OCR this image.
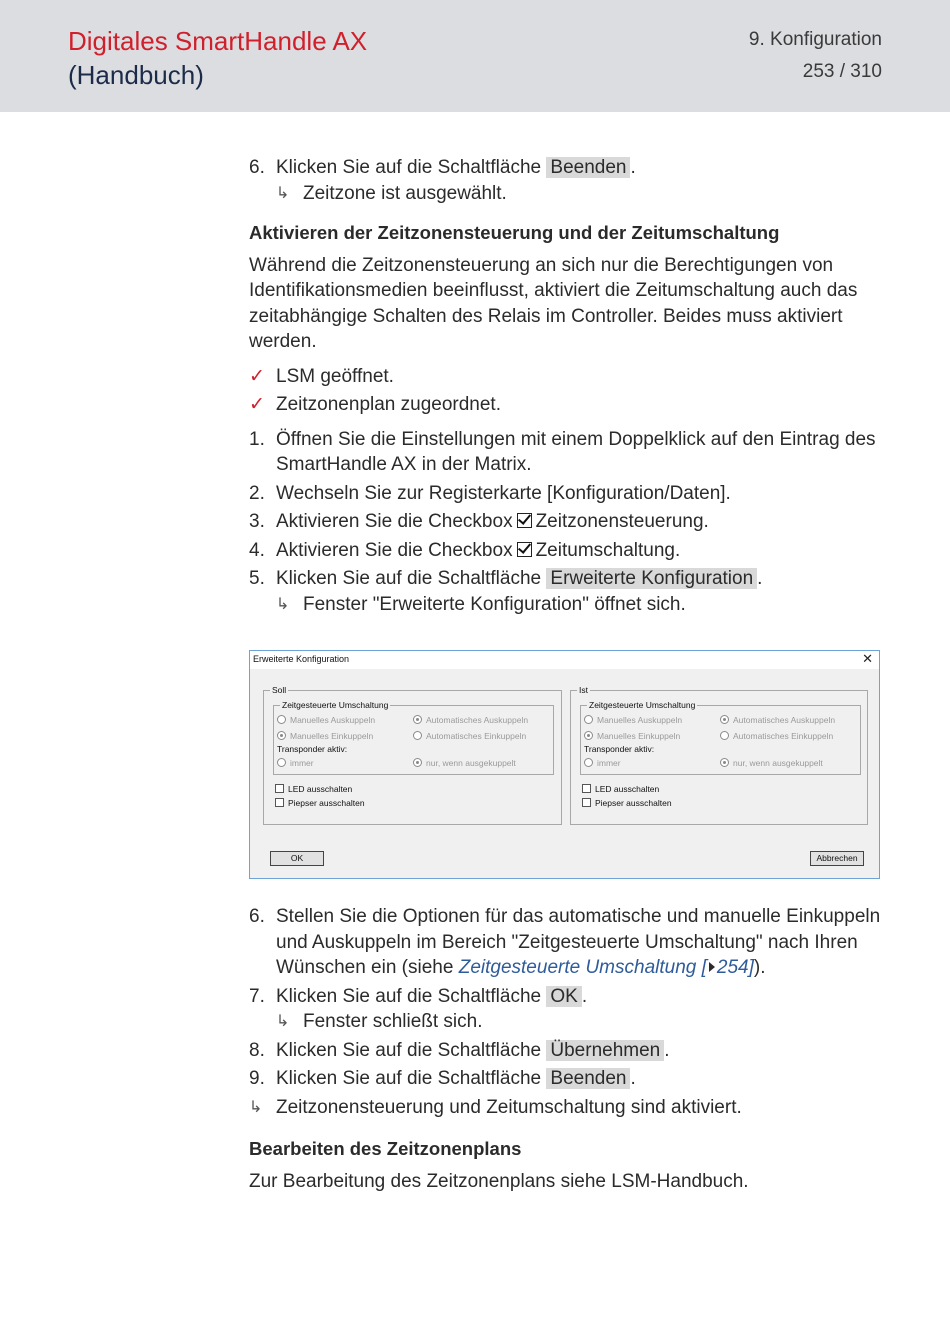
Digitales SmartHandle AX
(Handbuch)
9. Konfiguration
253 / 310
6. Klicken Sie auf die Schaltfläche Beenden .
↳ Zeitzone ist ausgewählt.
Aktivieren der Zeitzonensteuerung und der Zeitumschaltung
Während die Zeitzonensteuerung an sich nur die Berechtigungen von
Identifikationsmedien beeinflusst, aktiviert die Zeitumschaltung auch das
zeitabhängige Schalten des Relais im Controller. Beides muss aktiviert
werden.
✓ LSM geöffnet.
✓ Zeitzonenplan zugeordnet.
1. Öffnen Sie die Einstellungen mit einem Doppelklick auf den Eintrag des
SmartHandle AX in der Matrix.
2. Wechseln Sie zur Registerkarte [Konfiguration/Daten].
3. Aktivieren Sie die Checkbox Zeitzonensteuerung.
4. Aktivieren Sie die Checkbox Zeitumschaltung.
5. Klicken Sie auf die Schaltfläche Erweiterte Konfiguration .
↳ Fenster "Erweiterte Konfiguration" öffnet sich.
Erweiterte Konfiguration	✕
Soll
Zeitgesteuerte Umschaltung
Manuelles Auskuppeln	Automatisches Auskuppeln
Manuelles Einkuppeln	Automatisches Einkuppeln
Transponder aktiv:
immer	nur, wenn ausgekuppelt
LED ausschalten
Piepser ausschalten
Ist
Zeitgesteuerte Umschaltung
Manuelles Auskuppeln	Automatisches Auskuppeln
Manuelles Einkuppeln	Automatisches Einkuppeln
Transponder aktiv:
immer	nur, wenn ausgekuppelt
LED ausschalten
Piepser ausschalten
OK	Abbrechen
6. Stellen Sie die Optionen für das automatische und manuelle Einkuppeln
und Auskuppeln im Bereich "Zeitgesteuerte Umschaltung" nach Ihren
Wünschen ein (siehe Zeitgesteuerte Umschaltung [ 254]).
7. Klicken Sie auf die Schaltfläche OK .
↳ Fenster schließt sich.
8. Klicken Sie auf die Schaltfläche Übernehmen .
9. Klicken Sie auf die Schaltfläche Beenden .
↳ Zeitzonensteuerung und Zeitumschaltung sind aktiviert.
Bearbeiten des Zeitzonenplans
Zur Bearbeitung des Zeitzonenplans siehe LSM-Handbuch.
